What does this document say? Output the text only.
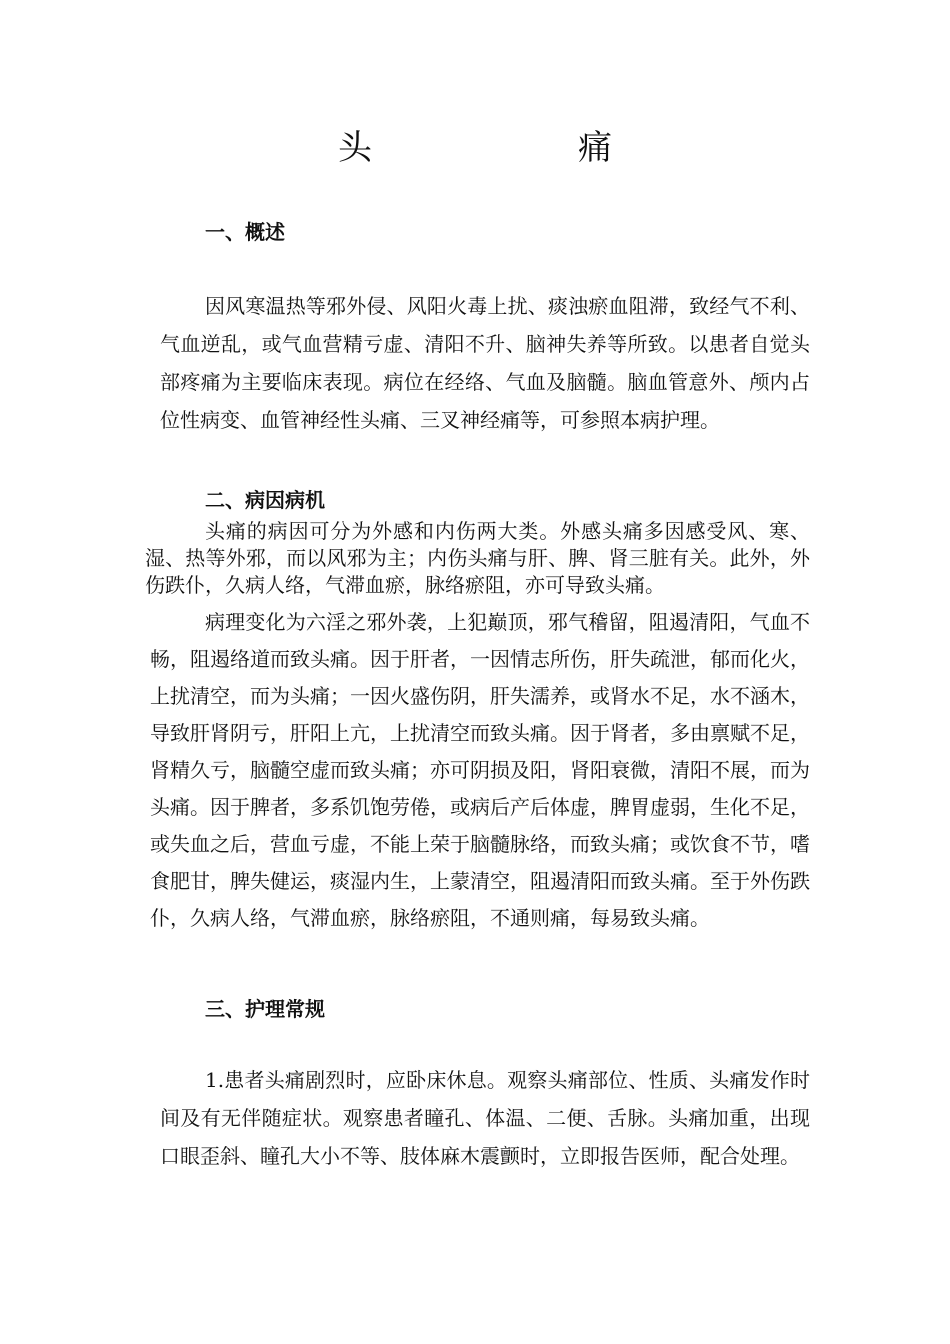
头　痛
一、概述

因风寒温热等邪外侵、风阳火毒上扰、痰浊瘀血阻滞，致经气不利、气血逆乱，或气血营精亏虚、清阳不升、脑神失养等所致。以患者自觉头部疼痛为主要临床表现。病位在经络、气血及脑髓。脑血管意外、颅内占位性病变、血管神经性头痛、三叉神经痛等，可参照本病护理。

二、病因病机

头痛的病因可分为外感和内伤两大类。外感头痛多因感受风、寒、湿、热等外邪，而以风邪为主；内伤头痛与肝、脾、肾三脏有关。此外，外伤跌仆，久病人络，气滞血瘀，脉络瘀阻，亦可导致头痛。

病理变化为六淫之邪外袭，上犯巅顶，邪气稽留，阻遏清阳，气血不畅，阻遏络道而致头痛。因于肝者，一因情志所伤，肝失疏泄，郁而化火，上扰清空，而为头痛；一因火盛伤阴，肝失濡养，或肾水不足，水不涵木，导致肝肾阴亏，肝阳上亢，上扰清空而致头痛。因于肾者，多由禀赋不足，肾精久亏，脑髓空虚而致头痛；亦可阴损及阳，肾阳衰微，清阳不展，而为头痛。因于脾者，多系饥饱劳倦，或病后产后体虚，脾胃虚弱，生化不足，或失血之后，营血亏虚，不能上荣于脑髓脉络，而致头痛；或饮食不节，嗜食肥甘，脾失健运，痰湿内生，上蒙清空，阻遏清阳而致头痛。至于外伤跌仆，久病人络，气滞血瘀，脉络瘀阻，不通则痛，每易致头痛。

三、护理常规

1.患者头痛剧烈时，应卧床休息。观察头痛部位、性质、头痛发作时间及有无伴随症状。观察患者瞳孔、体温、二便、舌脉。头痛加重，出现口眼歪斜、瞳孔大小不等、肢体麻木震颤时，立即报告医师，配合处理。
